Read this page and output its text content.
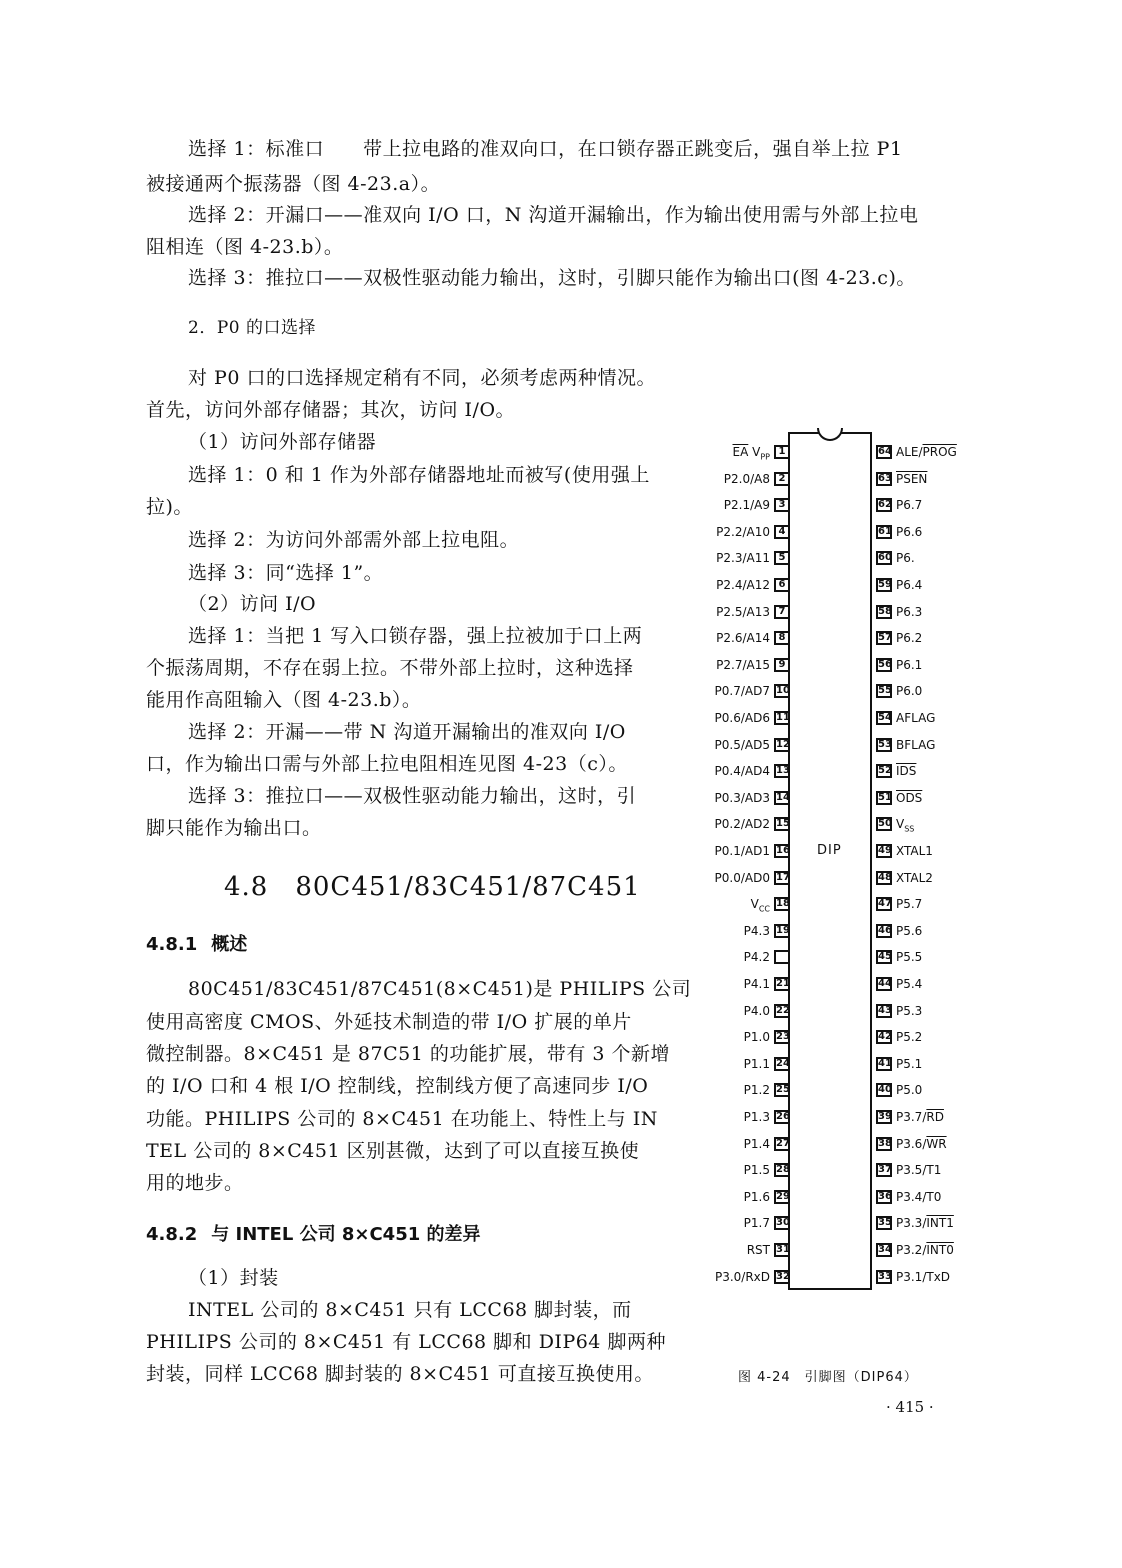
选择 1：标准口　　带上拉电路的准双向口，在口锁存器正跳变后，强自举上拉 P1
被接通两个振荡器（图 4-23.a）。
选择 2：开漏口——准双向 I/O 口，N 沟道开漏输出，作为输出使用需与外部上拉电
阻相连（图 4-23.b）。
选择 3：推拉口——双极性驱动能力输出，这时，引脚只能作为输出口(图 4-23.c)。
2．P0 的口选择
对 P0 口的口选择规定稍有不同，必须考虑两种情况。
首先，访问外部存储器；其次，访问 I/O。
（1）访问外部存储器
选择 1：0 和 1 作为外部存储器地址而被写(使用强上
拉)。
选择 2：为访问外部需外部上拉电阻。
选择 3：同“选择 1”。
（2）访问 I/O
选择 1：当把 1 写入口锁存器，强上拉被加于口上两
个振荡周期，不存在弱上拉。不带外部上拉时，这种选择
能用作高阻输入（图 4-23.b）。
选择 2：开漏——带 N 沟道开漏输出的准双向 I/O
口，作为输出口需与外部上拉电阻相连见图 4-23（c）。
选择 3：推拉口——双极性驱动能力输出，这时，引
脚只能作为输出口。
4.8　80C451/83C451/87C451
4.8.1 概述
80C451/83C451/87C451(8×C451)是 PHILIPS 公司
使用高密度 CMOS、外延技术制造的带 I/O 扩展的单片
微控制器。8×C451 是 87C51 的功能扩展，带有 3 个新增
的 I/O 口和 4 根 I/O 控制线，控制线方便了高速同步 I/O
功能。PHILIPS 公司的 8×C451 在功能上、特性上与 IN
TEL 公司的 8×C451 区别甚微，达到了可以直接互换使
用的地步。
4.8.2 与 INTEL 公司 8×C451 的差异
（1）封装
INTEL 公司的 8×C451 只有 LCC68 脚封装，而
PHILIPS 公司的 8×C451 有 LCC68 脚和 DIP64 脚两种
封装，同样 LCC68 脚封装的 8×C451 可直接互换使用。
DIP
1
$\overline{EA}$ $V_{PP}$
2
P2.0/A8
3
P2.1/A9
4
P2.2/A10
5
P2.3/A11
6
P2.4/A12
7
P2.5/A13
8
P2.6/A14
9
P2.7/A15
10
P0.7/AD7
11
P0.6/AD6
12
P0.5/AD5
13
P0.4/AD4
14
P0.3/AD3
15
P0.2/AD2
16
P0.1/AD1
17
P0.0/AD0
18
$V_{CC}$
19
P4.3
P4.2
21
P4.1
22
P4.0
23
P1.0
24
P1.1
25
P1.2
26
P1.3
27
P1.4
28
P1.5
29
P1.6
30
P1.7
31
RST
32
P3.0/RxD
64 ALE/PROG
63 PSEN
62 P6.7
61 P6.6
60 P6.
59 P6.4
58 P6.3
57 P6.2
56 P6.1
55 P6.0
54 AFLAG
53 BFLAG
52 $\overline{IDS}$
51 $\overline{ODS}$
50 $V_{SS}$
49 XTAL1
48 XTAL2
47 P5.7
46 P5.6
45 P5.5
44 P5.4
43 P5.3
42 P5.2
41 P5.1
40 P5.0
39 $P3.7/\overline{RD}$
38 $P3.6/\overline{WR}$
37 P3.5/T1
36 P3.4/T0
35 P3.3/INT1
34 P3.2/INT0
33 P3.1/TxD
图 4-24　引脚图（DIP64）
· 415 ·
